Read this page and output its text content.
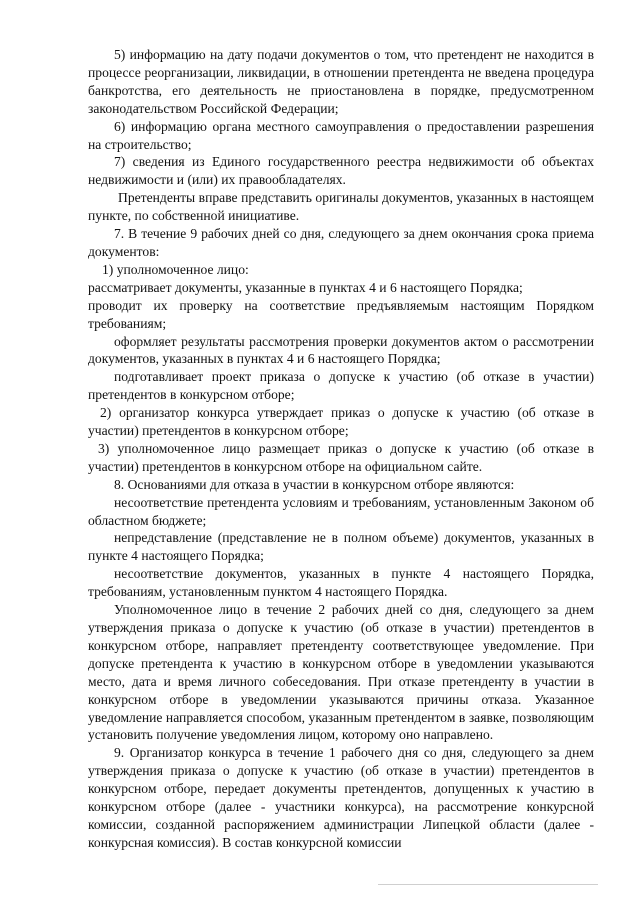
5) информацию на дату подачи документов о том, что претендент не находится в процессе реорганизации, ликвидации, в отношении претендента не введена процедура банкротства, его деятельность не приостановлена в порядке, предусмотренном законодательством Российской Федерации;

6) информацию органа местного самоуправления о предоставлении разрешения на строительство;

7) сведения из Единого государственного реестра недвижимости об объектах недвижимости и (или) их правообладателях.

Претенденты вправе представить оригиналы документов, указанных в настоящем пункте, по собственной инициативе.

7. В течение 9 рабочих дней со дня, следующего за днем окончания срока приема документов:

1) уполномоченное лицо:

рассматривает документы, указанные в пунктах 4 и 6 настоящего Порядка;

проводит их проверку на соответствие предъявляемым настоящим Порядком требованиям;

оформляет результаты рассмотрения проверки документов актом о рассмотрении документов, указанных в пунктах 4 и 6 настоящего Порядка;

подготавливает проект приказа о допуске к участию (об отказе в участии) претендентов в конкурсном отборе;

2) организатор конкурса утверждает приказ о допуске к участию (об отказе в участии) претендентов в конкурсном отборе;

3) уполномоченное лицо размещает приказ о допуске к участию (об отказе в участии) претендентов в конкурсном отборе на официальном сайте.

8. Основаниями для отказа в участии в конкурсном отборе являются:

несоответствие претендента условиям и требованиям, установленным Законом об областном бюджете;

непредставление (представление не в полном объеме) документов, указанных в пункте 4 настоящего Порядка;

несоответствие документов, указанных в пункте 4 настоящего Порядка, требованиям, установленным пунктом 4 настоящего Порядка.

Уполномоченное лицо в течение 2 рабочих дней со дня, следующего за днем утверждения приказа о допуске к участию (об отказе в участии) претендентов в конкурсном отборе, направляет претенденту соответствующее уведомление. При допуске претендента к участию в конкурсном отборе в уведомлении указываются место, дата и время личного собеседования. При отказе претенденту в участии в конкурсном отборе в уведомлении указываются причины отказа. Указанное уведомление направляется способом, указанным претендентом в заявке, позволяющим установить получение уведомления лицом, которому оно направлено.

9. Организатор конкурса в течение 1 рабочего дня со дня, следующего за днем утверждения приказа о допуске к участию (об отказе в участии) претендентов в конкурсном отборе, передает документы претендентов, допущенных к участию в конкурсном отборе (далее - участники конкурса), на рассмотрение конкурсной комиссии, созданной распоряжением администрации Липецкой области (далее - конкурсная комиссия). В состав конкурсной комиссии
